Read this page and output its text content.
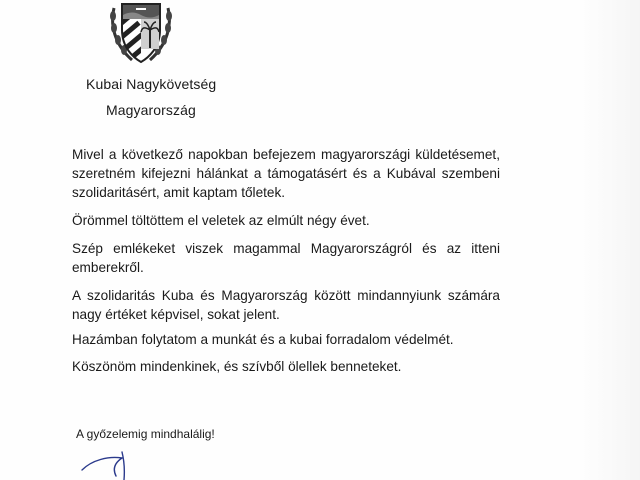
Kubai Nagykövetség
Magyarország
Mivel a következő napokban befejezem magyarországi küldetésemet, szeretném kifejezni hálánkat a támogatásért és a Kubával szembeni szolidaritásért, amit kaptam tőletek.
Örömmel töltöttem el veletek az elmúlt négy évet.
Szép emlékeket viszek magammal Magyarországról és az itteni emberekről.
A szolidaritás Kuba és Magyarország között mindannyiunk számára nagy értéket képvisel, sokat jelent.
Hazámban folytatom a munkát és a kubai forradalom védelmét.
Köszönöm mindenkinek, és szívből ölellek benneteket.
A győzelemig mindhalálig!
